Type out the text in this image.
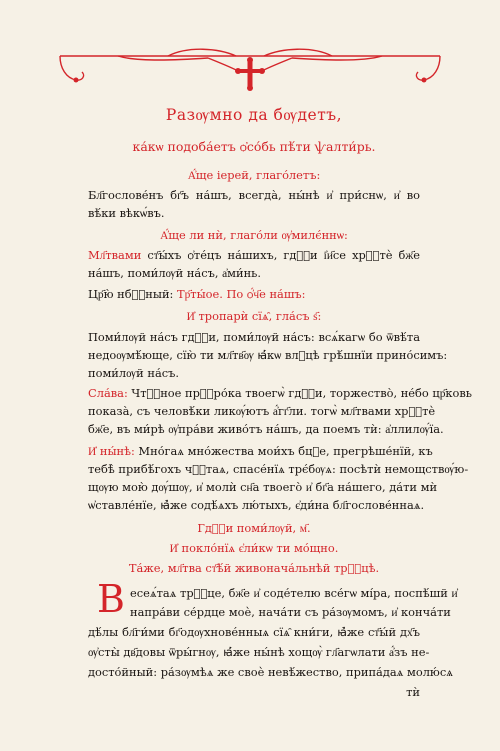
Разѹмно да бѹдетъ,
ка́кѡ подоба́етъ ѻ҆со́бь пѣ́ти ѱалти́рь.
А҆́ще іерей, глаго́летъ:
Бл҃гослове́нъ бг҃ъ на́шъ, всегда̀, ны́нѣ и҆ при́снѡ, и҆ во
вѣ́ки вѣкѡ́въ.
А҆́ще ли нѝ, глаго́ли ѹ҆милє́ннѡ:
Мл҃твами ст҃ы́хъ ѻ҆те́цъ на́шихъ, гдⷭ҇и і҆и҃се хрⷭ҇тѐ бж҃е
на́шъ, поми́лѹй на́съ, а҆ми́нь.
Цр҃ю̀ нбⷭ҇ный: Тр҃ты́ое. По ѻ҆́ч҃е на́шъ:
И҆ тропарѝ сїѧ̑, гла́съ ѕ҃:
Поми́лѹй на́съ гдⷭ҇и, поми́лѹй на́съ: всѧ́кагѡ бо ѿвѣ́та
недоѹмѣ́юще, сїю̀ ти мл҃тв҃ѹ ꙗ҆́кѡ влⷣцѣ грѣ́шнїи прино́симъ:
поми́лѹй на́съ.
Сла́ва: Чтⷭ҇ное прⷪ҇ро́ка твоегѡ̀ гдⷭ҇и, торжество̀, не́бо цр҃ковь
показа̀, съ человѣ́ки ликѹ́ютъ а҆́гг҃ли. тогѡ̀ мл҃твами хрⷭ҇тѐ
бж҃е, въ ми́рѣ ѹ҆пра́ви живо́тъ на́шъ, да поемъ тѝ: а҆ллилѹ́їа.
И҆ ны́нѣ: Мно́гаѧ мно́жества мои́хъ бцⷣе, прегрѣше́нїй, къ
тебѣ̀ прибѣ́гохъ чⷭ҇таѧ, спасе́нїѧ трє́бѹѧ: посѣтѝ немощствѹ́ю-
щѹю мою̀ дѹ́шѹ, и҆ молѝ сн҃а твоего̀ и҆ бг҃а на́шего, да́ти мѝ
ѡ҆ставле́нїе, ꙗ҆̀же содѣ́ѧхъ лю́тыхъ, є҆ди́на бл҃гослове́ннаѧ.
Гдⷭ҇и поми́лѹй, м҃.
И҆ покло́нїѧ є҆ли́кѡ ти мо́щно.
Та́же, мл҃тва ст҃ѣ́й живонача́льнѣй трⷪ҇цѣ.
В есеѧ́таѧ трⷪ҇це, бж҃е и҆ соде́телю все́гѡ мі́ра, поспѣ́шй и҆
напра́ви се́рдце моѐ, нача́ти съ ра́зѹмомъ, и҆ конча́ти
дѣ́лы бл҃ги́ми бг҃одѹхнове́нныѧ сїѧ̑ кни́ги, ꙗ҆̀же ст҃ы́й дх҃ъ
ѹ҆сты̀ дв҃довы ѿры́гнѹ, ꙗ҆́же ны́нѣ хощѹ̀ гл҃агѡлати а҆́зъ не-
досто́йный: ра́зѹмѣѧ же своѐ невѣ́жество, припа́даѧ молю́сѧ
тѝ
